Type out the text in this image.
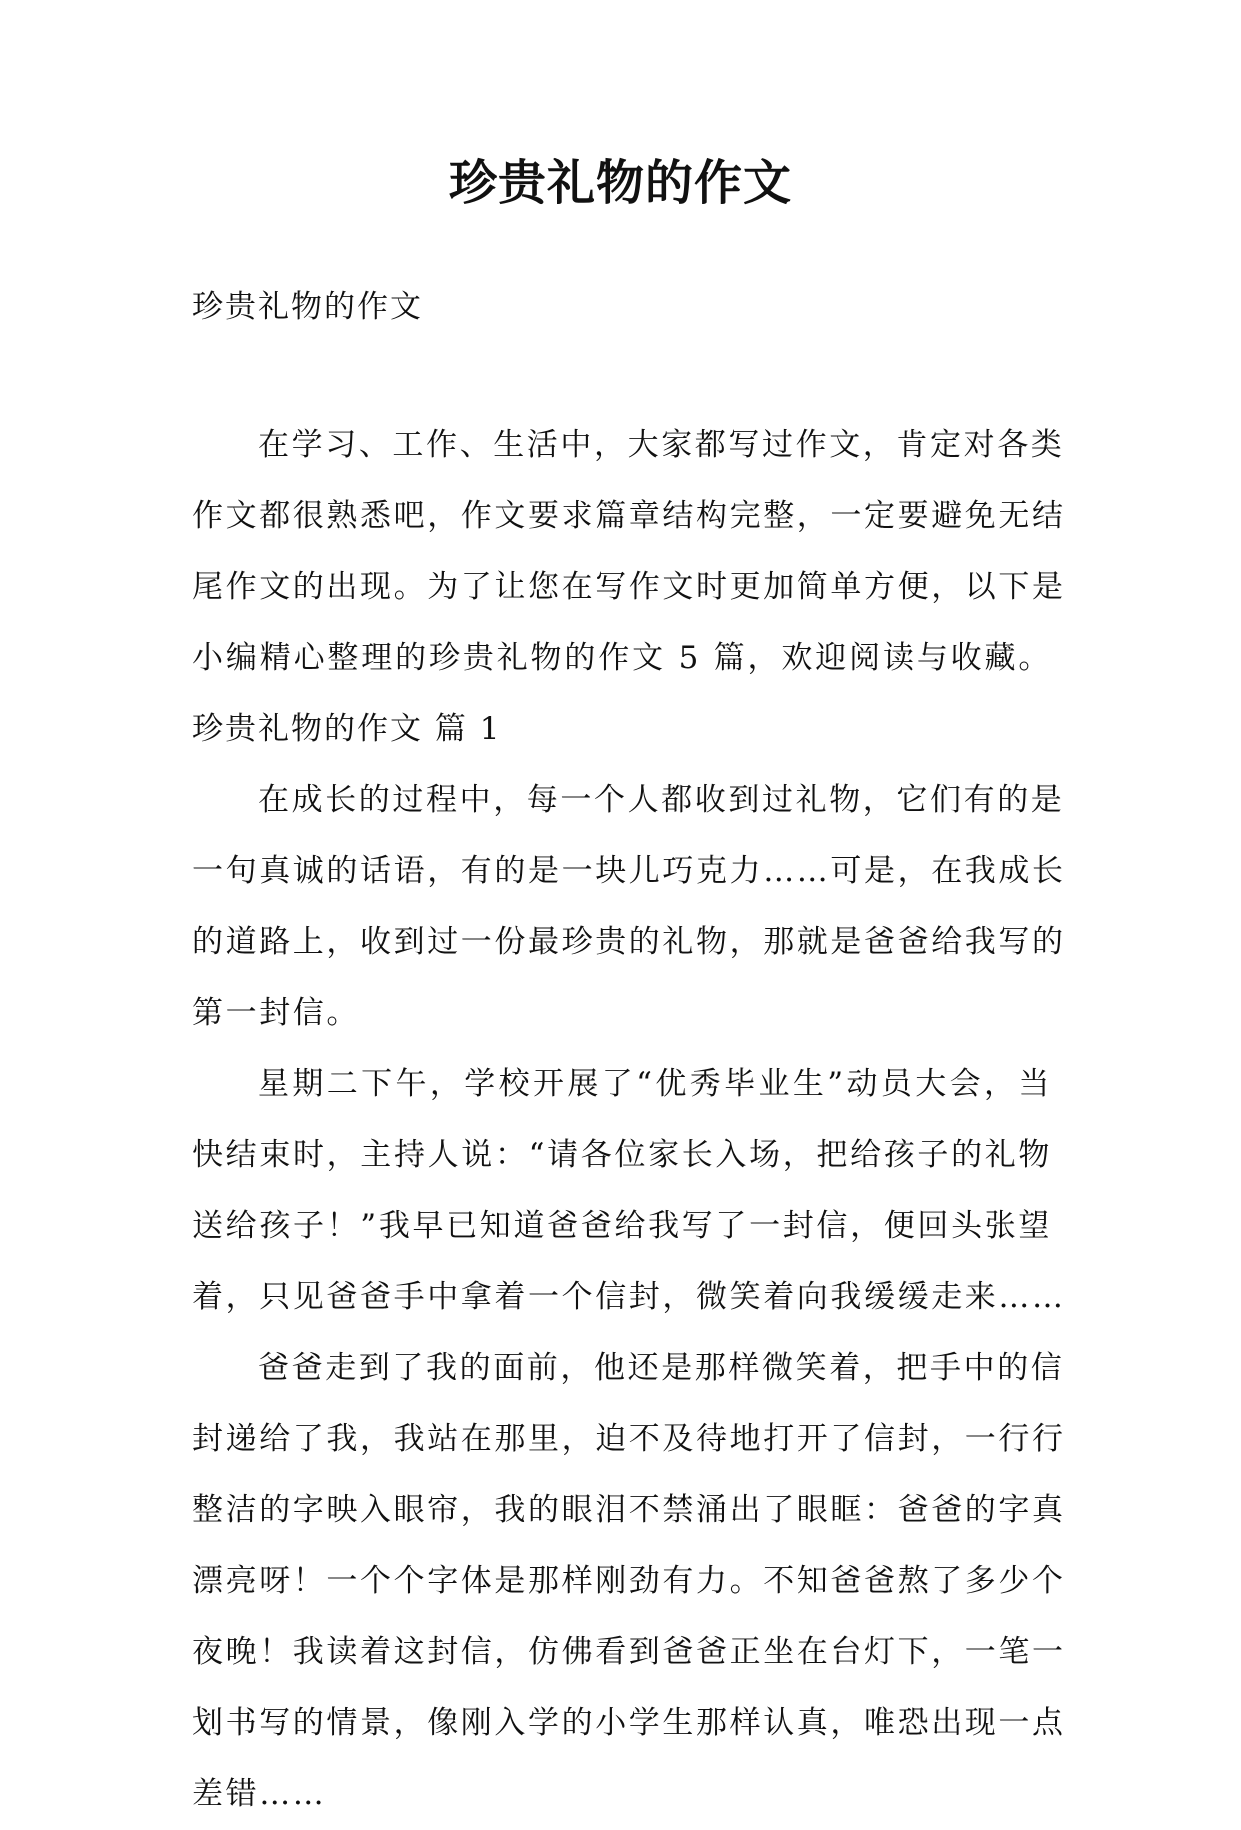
珍贵礼物的作文

珍贵礼物的作文

在学习、工作、生活中，大家都写过作文，肯定对各类

作文都很熟悉吧，作文要求篇章结构完整，一定要避免无结

尾作文的出现。为了让您在写作文时更加简单方便，以下是

小编精心整理的珍贵礼物的作文 5 篇，欢迎阅读与收藏。

珍贵礼物的作文 篇 1

在成长的过程中，每一个人都收到过礼物，它们有的是

一句真诚的话语，有的是一块儿巧克力……可是，在我成长

的道路上，收到过一份最珍贵的礼物，那就是爸爸给我写的

第一封信。

星期二下午，学校开展了“优秀毕业生”动员大会，当

快结束时，主持人说：“请各位家长入场，把给孩子的礼物

送给孩子！”我早已知道爸爸给我写了一封信，便回头张望

着，只见爸爸手中拿着一个信封，微笑着向我缓缓走来……

爸爸走到了我的面前，他还是那样微笑着，把手中的信

封递给了我，我站在那里，迫不及待地打开了信封，一行行

整洁的字映入眼帘，我的眼泪不禁涌出了眼眶：爸爸的字真

漂亮呀！一个个字体是那样刚劲有力。不知爸爸熬了多少个

夜晚！我读着这封信，仿佛看到爸爸正坐在台灯下，一笔一

划书写的情景，像刚入学的小学生那样认真，唯恐出现一点

差错……
